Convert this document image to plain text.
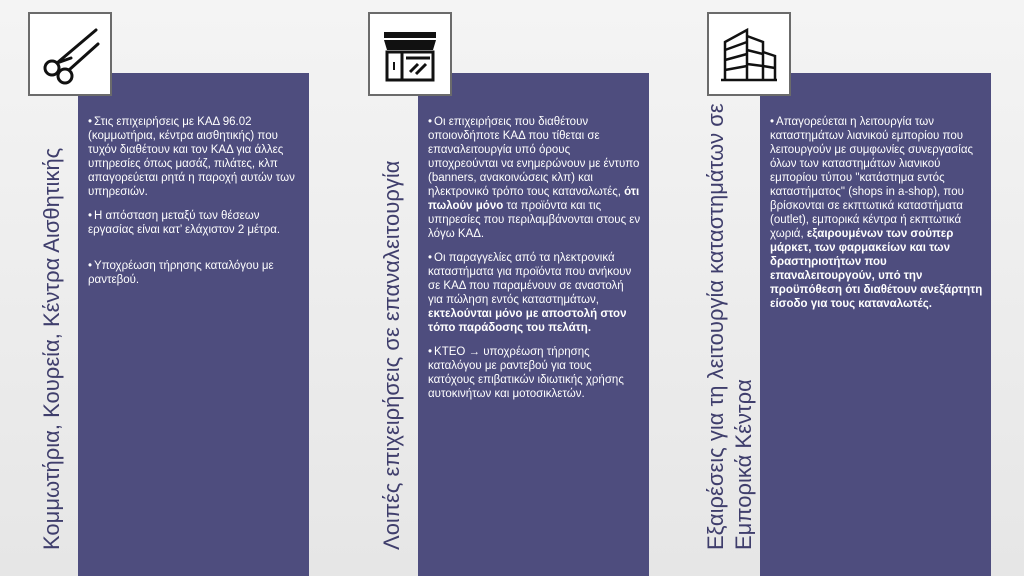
Κομμωτήρια, Κουρεία, Κέντρα Αισθητικής

• Στις επιχειρήσεις με ΚΑΔ 96.02 (κομμωτήρια, κέντρα αισθητικής) που τυχόν διαθέτουν και τον ΚΑΔ για άλλες υπηρεσίες όπως μασάζ, πιλάτες, κλπ απαγορεύεται ρητά η παροχή αυτών των υπηρεσιών.

• Η απόσταση μεταξύ των θέσεων εργασίας είναι κατ’ ελάχιστον 2 μέτρα.

• Υποχρέωση τήρησης καταλόγου με ραντεβού.	Λοιπές επιχειρήσεις σε επαναλειτουργία

• Οι επιχειρήσεις που διαθέτουν οποιονδήποτε ΚΑΔ που τίθεται σε επαναλειτουργία υπό όρους υποχρεούνται να ενημερώνουν με έντυπο (banners, ανακοινώσεις κλπ) και ηλεκτρονικό τρόπο τους καταναλωτές, ότι πωλούν μόνο τα προϊόντα και τις υπηρεσίες που περιλαμβάνονται στους εν λόγω ΚΑΔ.

• Οι παραγγελίες από τα ηλεκτρονικά καταστήματα για προϊόντα που ανήκουν σε ΚΑΔ που παραμένουν σε αναστολή για πώληση εντός καταστημάτων, εκτελούνται μόνο με αποστολή στον τόπο παράδοσης του πελάτη.

• ΚΤΕΟ → υποχρέωση τήρησης καταλόγου με ραντεβού για τους κατόχους επιβατικών ιδιωτικής χρήσης αυτοκινήτων και μοτοσικλετών.	Εξαιρέσεις για τη λειτουργία καταστημάτων σε Εμπορικά Κέντρα

• Απαγορεύεται η λειτουργία των καταστημάτων λιανικού εμπορίου που λειτουργούν με συμφωνίες συνεργασίας όλων των καταστημάτων λιανικού εμπορίου τύπου "κατάστημα εντός καταστήματος" (shops in a-shop), που βρίσκονται σε εκπτωτικά καταστήματα (outlet), εμπορικά κέντρα ή εκπτωτικά χωριά, εξαιρουμένων των σούπερ μάρκετ, των φαρμακείων και των δραστηριοτήτων που επαναλειτουργούν, υπό την προϋπόθεση ότι διαθέτουν ανεξάρτητη είσοδο για τους καταναλωτές.
